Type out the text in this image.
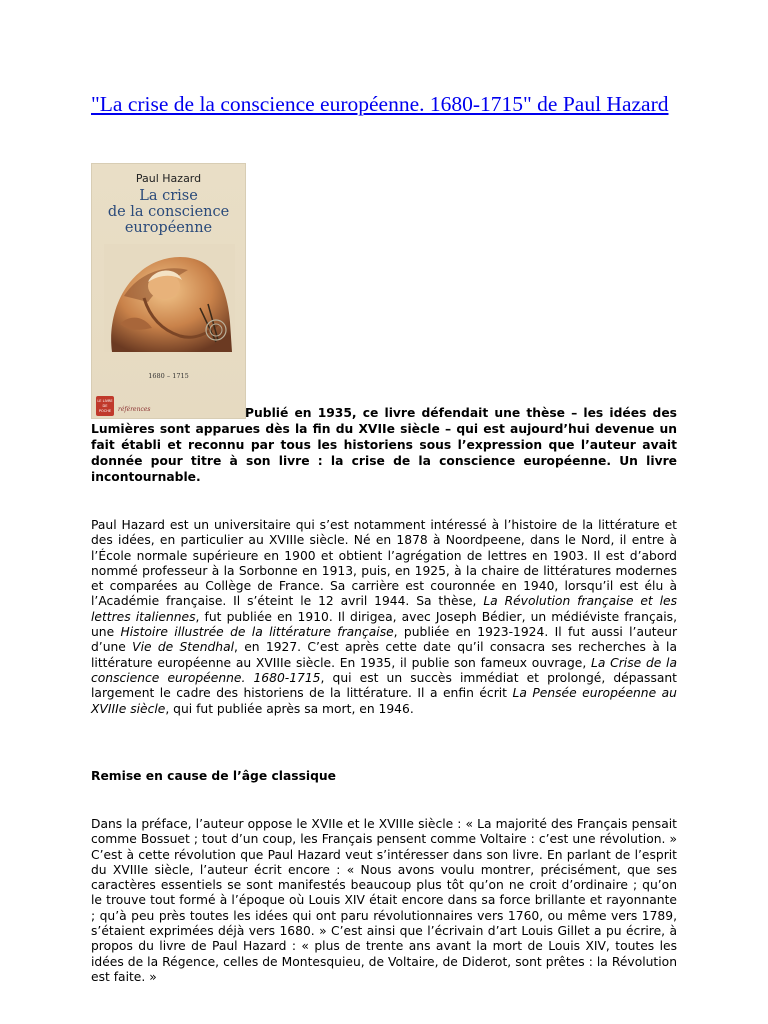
"La crise de la conscience européenne. 1680-1715" de Paul Hazard
Paul Hazard
La crise
de la conscience
européenne
1680 – 1715
LE LIVRE DE POCHE	références	Publié en 1935, ce livre défendait une thèse – les idées des Lumières sont apparues dès la fin du XVIIe siècle – qui est aujourd’hui devenue un fait établi et reconnu par tous les historiens sous l’expression que l’auteur avait donnée pour titre à son livre : la crise de la conscience européenne. Un livre incontournable.

Paul Hazard est un universitaire qui s’est notamment intéressé à l’histoire de la littérature et des idées, en particulier au XVIIIe siècle. Né en 1878 à Noordpeene, dans le Nord, il entre à l’École normale supérieure en 1900 et obtient l’agrégation de lettres en 1903. Il est d’abord nommé professeur à la Sorbonne en 1913, puis, en 1925, à la chaire de littératures modernes et comparées au Collège de France. Sa carrière est couronnée en 1940, lorsqu’il est élu à l’Académie française. Il s’éteint le 12 avril 1944. Sa thèse, La Révolution française et les lettres italiennes, fut publiée en 1910. Il dirigea, avec Joseph Bédier, un médiéviste français, une Histoire illustrée de la littérature française, publiée en 1923-1924. Il fut aussi l’auteur d’une Vie de Stendhal, en 1927. C’est après cette date qu’il consacra ses recherches à la littérature européenne au XVIIIe siècle. En 1935, il publie son fameux ouvrage, La Crise de la conscience européenne. 1680-1715, qui est un succès immédiat et prolongé, dépassant largement le cadre des historiens de la littérature. Il a enfin écrit La Pensée européenne au XVIIIe siècle, qui fut publiée après sa mort, en 1946.

Remise en cause de l’âge classique

Dans la préface, l’auteur oppose le XVIIe et le XVIIIe siècle : « La majorité des Français pensait comme Bossuet ; tout d’un coup, les Français pensent comme Voltaire : c’est une révolution. » C’est à cette révolution que Paul Hazard veut s’intéresser dans son livre. En parlant de l’esprit du XVIIIe siècle, l’auteur écrit encore : « Nous avons voulu montrer, précisément, que ses caractères essentiels se sont manifestés beaucoup plus tôt qu’on ne croit d’ordinaire ; qu’on le trouve tout formé à l’époque où Louis XIV était encore dans sa force brillante et rayonnante ; qu’à peu près toutes les idées qui ont paru révolutionnaires vers 1760, ou même vers 1789, s’étaient exprimées déjà vers 1680. » C’est ainsi que l’écrivain d’art Louis Gillet a pu écrire, à propos du livre de Paul Hazard : « plus de trente ans avant la mort de Louis XIV, toutes les idées de la Régence, celles de Montesquieu, de Voltaire, de Diderot, sont prêtes : la Révolution est faite. »
